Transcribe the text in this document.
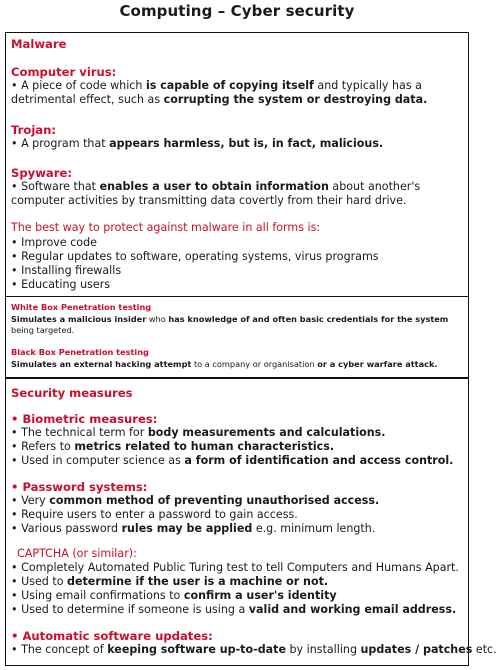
Computing – Cyber security
Malware
Computer virus:
• A piece of code which is capable of copying itself and typically has a detrimental effect, such as corrupting the system or destroying data.
Trojan:
• A program that appears harmless, but is, in fact, malicious.
Spyware:
• Software that enables a user to obtain information about another's computer activities by transmitting data covertly from their hard drive.
The best way to protect against malware in all forms is:
• Improve code
• Regular updates to software, operating systems, virus programs
• Installing firewalls
• Educating users
White Box Penetration testing
Simulates a malicious insider who has knowledge of and often basic credentials for the system being targeted.
Black Box Penetration testing
Simulates an external hacking attempt to a company or organisation or a cyber warfare attack.
Security measures
• Biometric measures:
• The technical term for body measurements and calculations.
• Refers to metrics related to human characteristics.
• Used in computer science as a form of identification and access control.
• Password systems:
• Very common method of preventing unauthorised access.
• Require users to enter a password to gain access.
• Various password rules may be applied e.g. minimum length.
CAPTCHA (or similar):
• Completely Automated Public Turing test to tell Computers and Humans Apart.
• Used to determine if the user is a machine or not.
• Using email confirmations to confirm a user's identity
• Used to determine if someone is using a valid and working email address.
• Automatic software updates:
• The concept of keeping software up-to-date by installing updates / patches etc.
